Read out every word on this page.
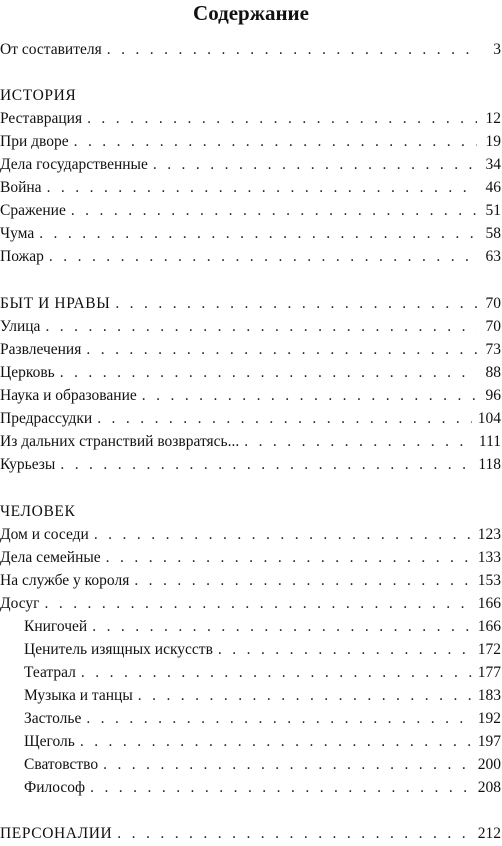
Содержание
От составителя . . .	3
ИСТОРИЯ
Реставрация . . .	12
При дворе . . .	19
Дела государственные . . .	34
Война . . .	46
Сражение . . .	51
Чума . . .	58
Пожар . . .	63
БЫТ И НРАВЫ . . .	70
Улица . . .	70
Развлечения . . .	73
Церковь . . .	88
Наука и образование . . .	96
Предрассудки . . .	104
Из дальних странствий возвратясь... . . .	111
Курьезы . . .	118
ЧЕЛОВЕК
Дом и соседи . . .	123
Дела семейные . . .	133
На службе у короля . . .	153
Досуг . . .	166
Книгочей . . .	166
Ценитель изящных искусств . . .	172
Театрал . . .	177
Музыка и танцы . . .	183
Застолье . . .	192
Щеголь . . .	197
Сватовство . . .	200
Философ . . .	208
ПЕРСОНАЛИИ . . .	212
